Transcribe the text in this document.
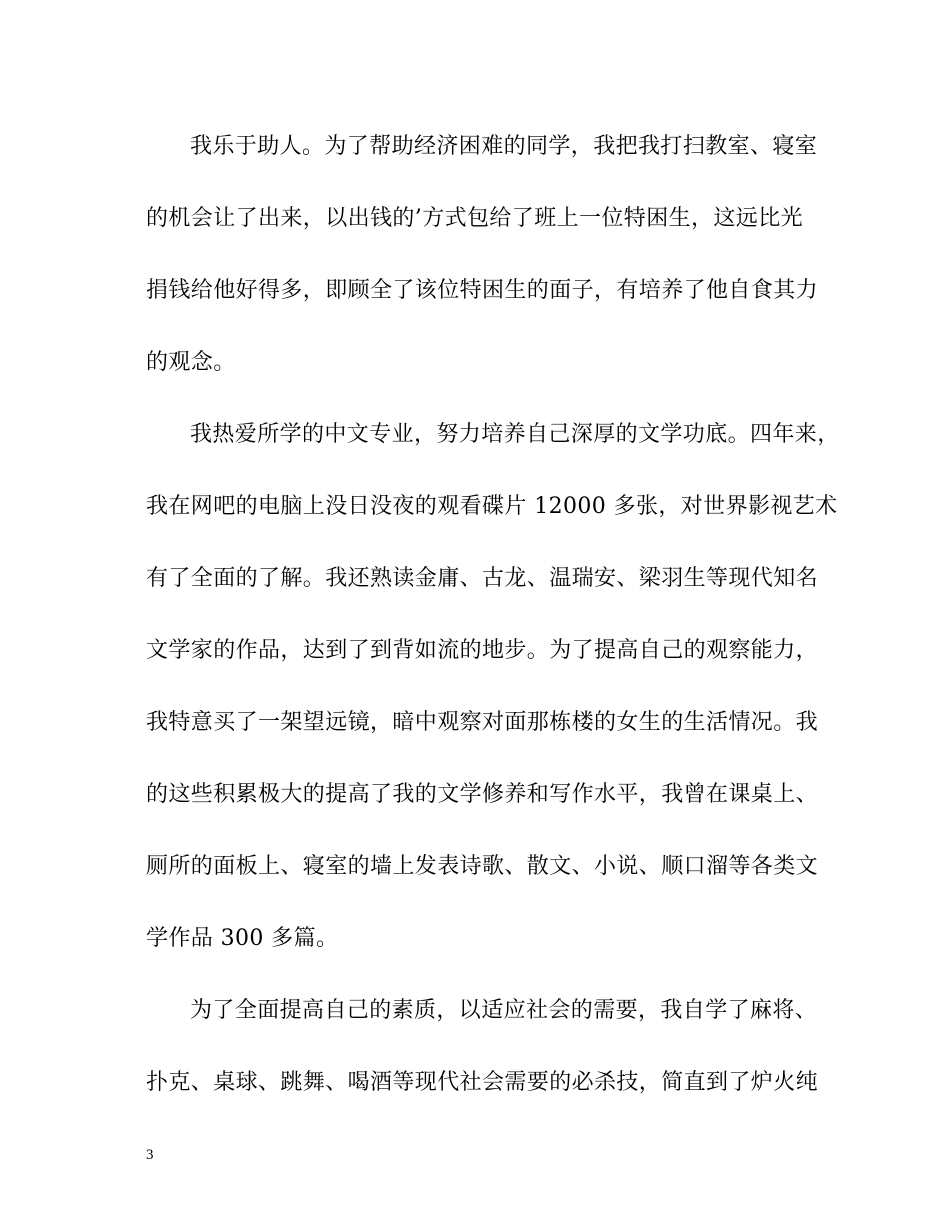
我乐于助人。为了帮助经济困难的同学，我把我打扫教室、寝室
的机会让了出来，以出钱的’方式包给了班上一位特困生，这远比光
捐钱给他好得多，即顾全了该位特困生的面子，有培养了他自食其力
的观念。
我热爱所学的中文专业，努力培养自己深厚的文学功底。四年来，
我在网吧的电脑上没日没夜的观看碟片 12000 多张，对世界影视艺术
有了全面的了解。我还熟读金庸、古龙、温瑞安、梁羽生等现代知名
文学家的作品，达到了到背如流的地步。为了提高自己的观察能力，
我特意买了一架望远镜，暗中观察对面那栋楼的女生的生活情况。我
的这些积累极大的提高了我的文学修养和写作水平，我曾在课桌上、
厕所的面板上、寝室的墙上发表诗歌、散文、小说、顺口溜等各类文
学作品 300 多篇。
为了全面提高自己的素质，以适应社会的需要，我自学了麻将、
扑克、桌球、跳舞、喝酒等现代社会需要的必杀技，简直到了炉火纯
3
